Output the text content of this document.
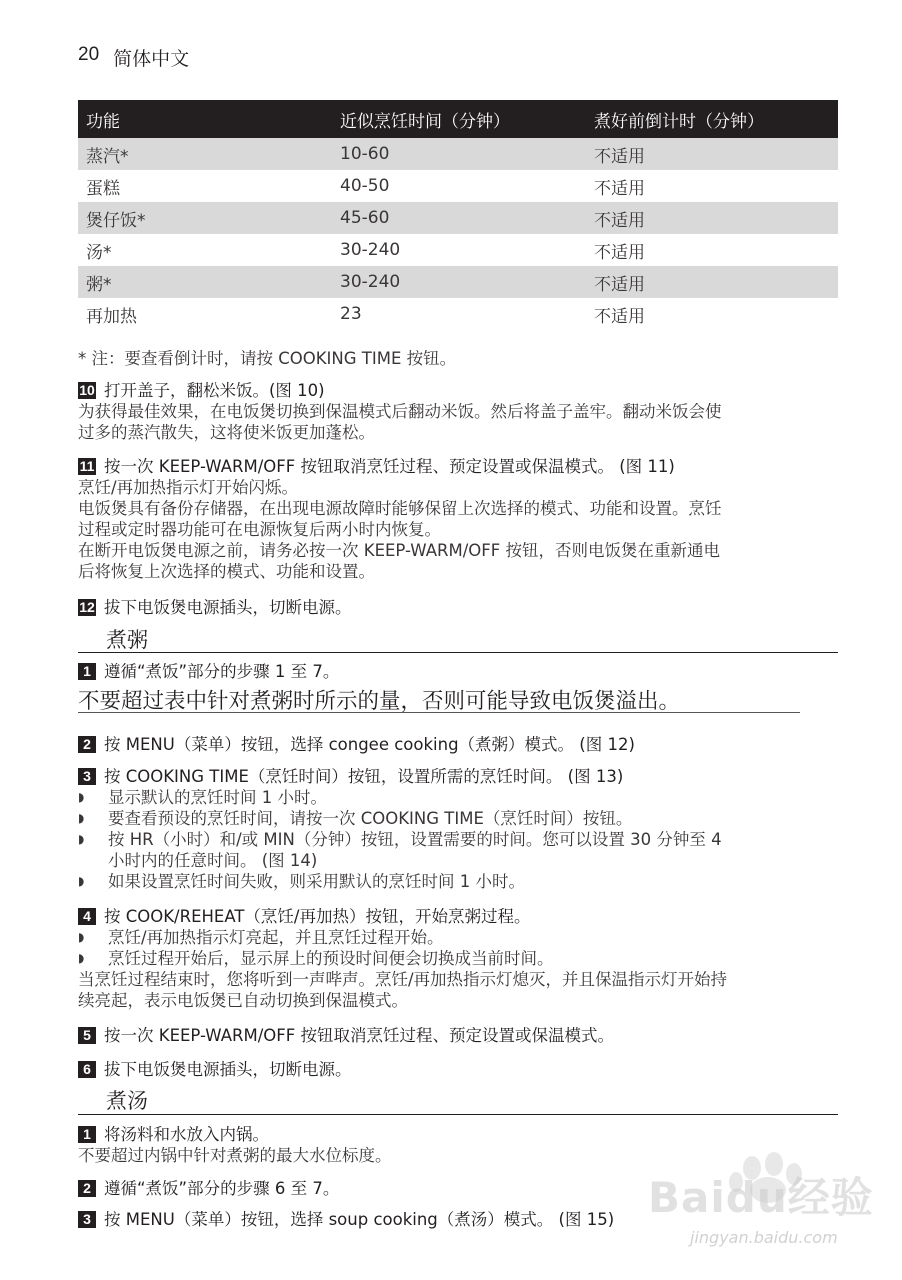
20 简体中文
功能	近似烹饪时间（分钟）	煮好前倒计时（分钟）
蒸汽*	10-60	不适用
蛋糕	40-50	不适用
煲仔饭*	45-60	不适用
汤*	30-240	不适用
粥*	30-240	不适用
再加热	23	不适用
* 注：要查看倒计时，请按 COOKING TIME 按钮。
10 打开盖子，翻松米饭。(图 10)
为获得最佳效果，在电饭煲切换到保温模式后翻动米饭。然后将盖子盖牢。翻动米饭会使
过多的蒸汽散失，这将使米饭更加蓬松。
11 按一次 KEEP-WARM/OFF 按钮取消烹饪过程、预定设置或保温模式。 (图 11)
烹饪/再加热指示灯开始闪烁。
电饭煲具有备份存储器，在出现电源故障时能够保留上次选择的模式、功能和设置。烹饪
过程或定时器功能可在电源恢复后两小时内恢复。
在断开电饭煲电源之前，请务必按一次 KEEP-WARM/OFF 按钮，否则电饭煲在重新通电
后将恢复上次选择的模式、功能和设置。
12 拔下电饭煲电源插头，切断电源。
煮粥
1 遵循“煮饭”部分的步骤 1 至 7。
不要超过表中针对煮粥时所示的量，否则可能导致电饭煲溢出。
2 按 MENU（菜单）按钮，选择 congee cooking（煮粥）模式。 (图 12)
3 按 COOKING TIME（烹饪时间）按钮，设置所需的烹饪时间。 (图 13)
◗	显示默认的烹饪时间 1 小时。
◗	要查看预设的烹饪时间，请按一次 COOKING TIME（烹饪时间）按钮。
◗	按 HR（小时）和/或 MIN（分钟）按钮，设置需要的时间。您可以设置 30 分钟至 4
小时内的任意时间。 (图 14)
◗	如果设置烹饪时间失败，则采用默认的烹饪时间 1 小时。
4 按 COOK/REHEAT（烹饪/再加热）按钮，开始烹粥过程。
◗	烹饪/再加热指示灯亮起，并且烹饪过程开始。
◗	烹饪过程开始后，显示屏上的预设时间便会切换成当前时间。
当烹饪过程结束时，您将听到一声哔声。烹饪/再加热指示灯熄灭，并且保温指示灯开始持
续亮起，表示电饭煲已自动切换到保温模式。
5 按一次 KEEP-WARM/OFF 按钮取消烹饪过程、预定设置或保温模式。
6 拔下电饭煲电源插头，切断电源。
煮汤
1 将汤料和水放入内锅。
不要超过内锅中针对煮粥的最大水位标度。
2 遵循“煮饭”部分的步骤 6 至 7。
3 按 MENU（菜单）按钮，选择 soup cooking（煮汤）模式。 (图 15) Baidu经验
jingyan.baidu.com
